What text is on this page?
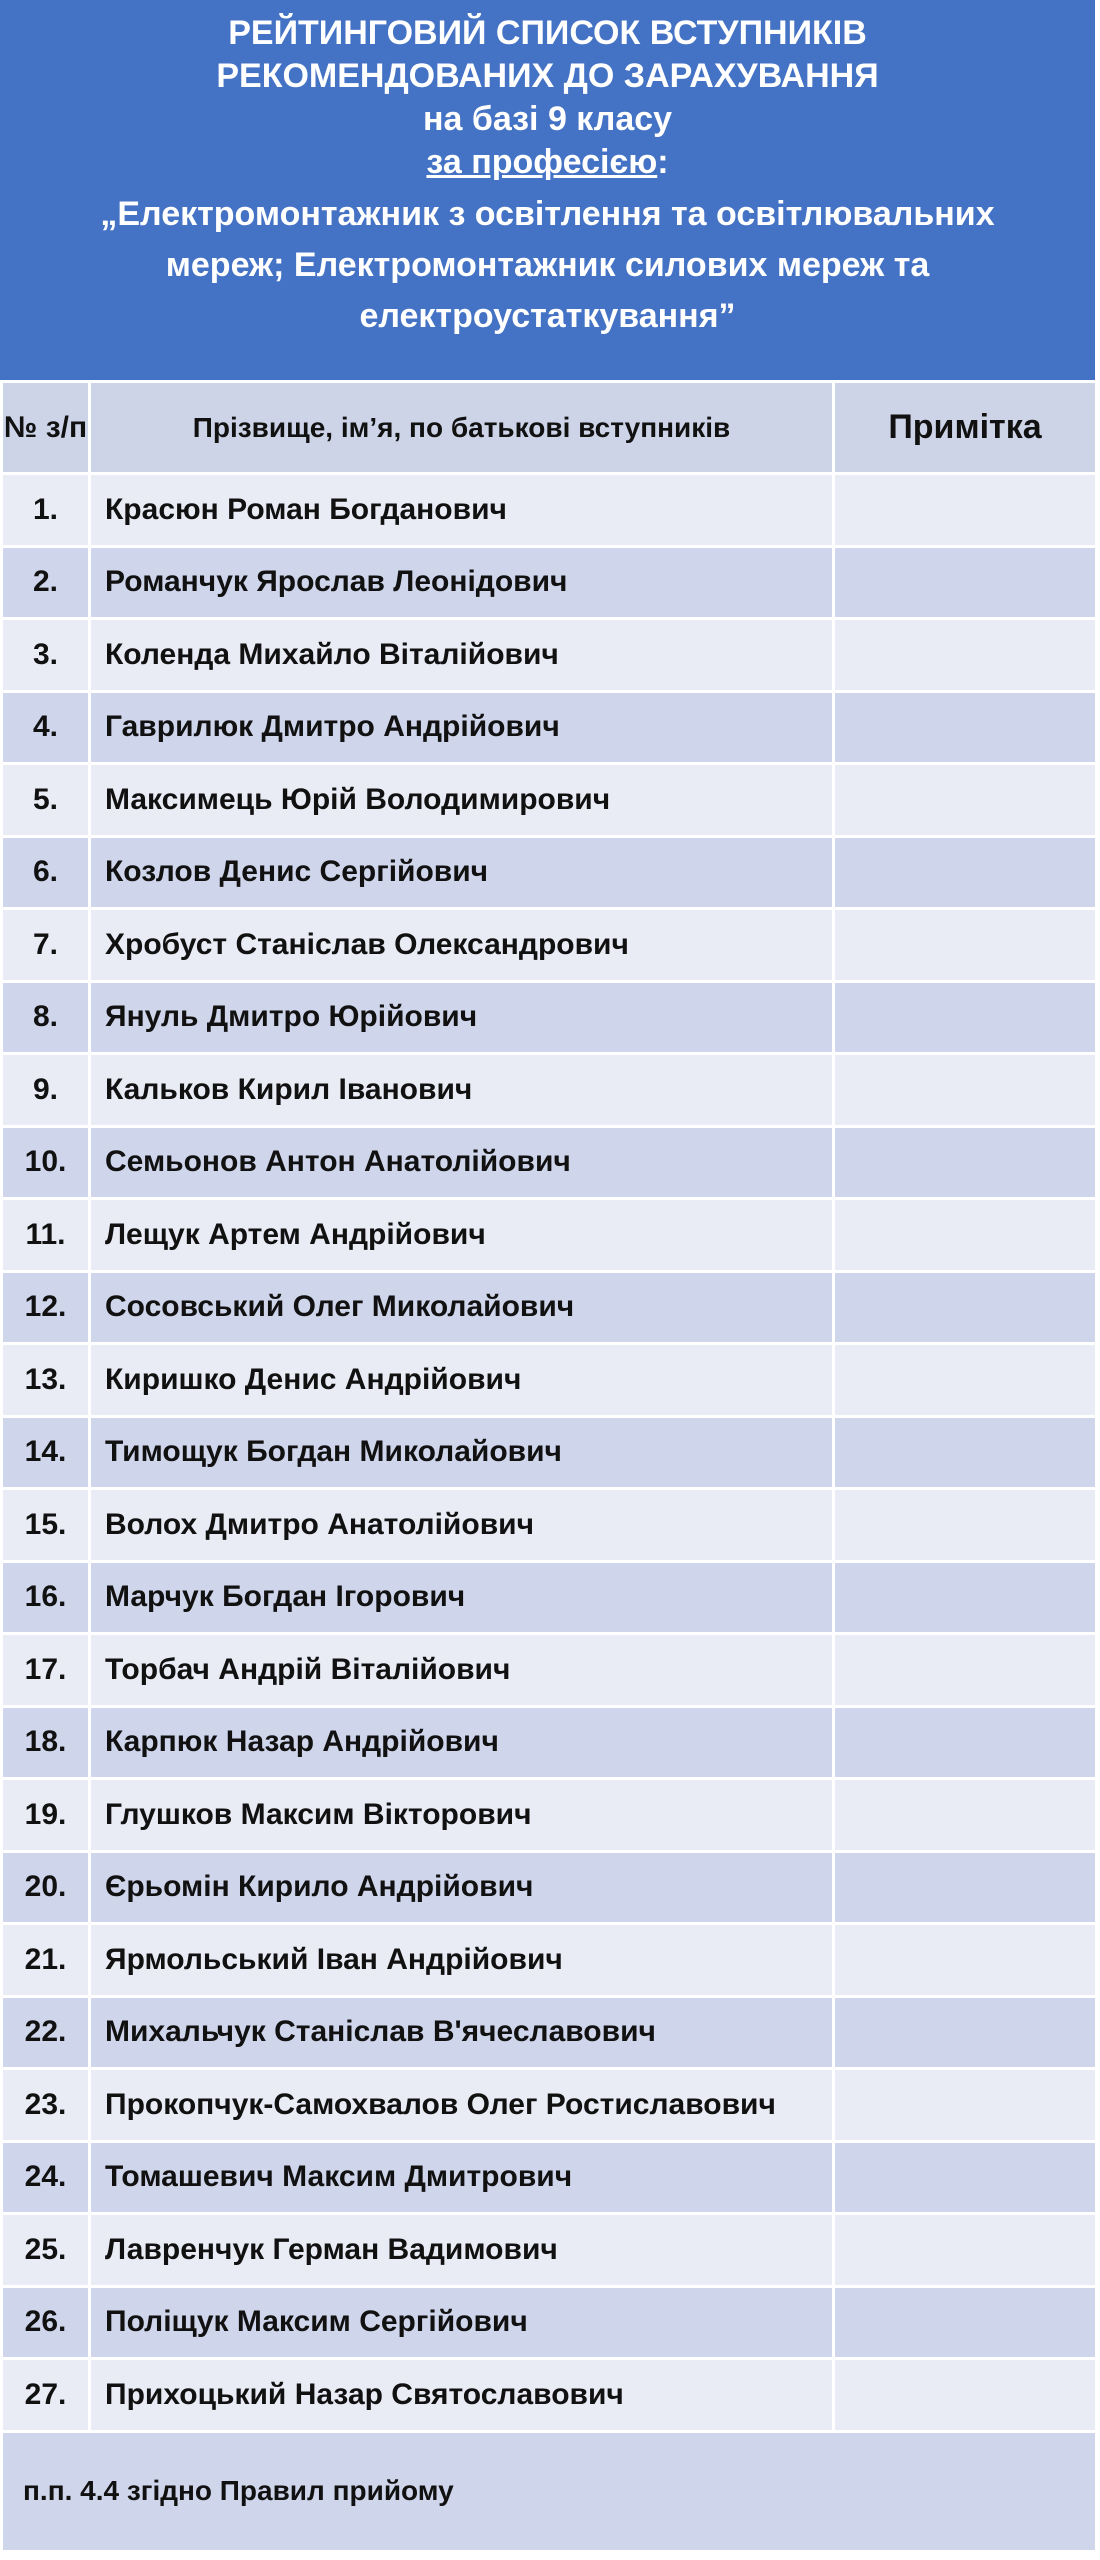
РЕЙТИНГОВИЙ СПИСОК ВСТУПНИКІВ
РЕКОМЕНДОВАНИХ ДО ЗАРАХУВАННЯ
на базі 9 класу
за професією:
„Електромонтажник з освітлення та освітлювальних
мереж; Електромонтажник силових мереж та
електроустаткування”
№ з/п	Прізвище, ім’я, по батькові вступників	Примітка
1.	Красюн Роман Богданович	
2.	Романчук Ярослав Леонідович	
3.	Коленда Михайло Віталійович	
4.	Гаврилюк Дмитро Андрійович	
5.	Максимець Юрій Володимирович	
6.	Козлов Денис Сергійович	
7.	Хробуст Станіслав Олександрович	
8.	Януль Дмитро Юрійович	
9.	Кальков Кирил Іванович	
10.	Семьонов Антон Анатолійович	
11.	Лещук Артем Андрійович	
12.	Сосовський Олег Миколайович	
13.	Киришко Денис Андрійович	
14.	Тимощук Богдан Миколайович	
15.	Волох Дмитро Анатолійович	
16.	Марчук Богдан Ігорович	
17.	Торбач Андрій Віталійович	
18.	Карпюк Назар Андрійович	
19.	Глушков Максим Вікторович	
20.	Єрьомін Кирило Андрійович	
21.	Ярмольський Іван Андрійович	
22.	Михальчук Станіслав В'ячеславович	
23.	Прокопчук-Самохвалов Олег Ростиславович	
24.	Томашевич Максим Дмитрович	
25.	Лавренчук Герман Вадимович	
26.	Поліщук Максим Сергійович	
27.	Прихоцький Назар Святославович	
п.п. 4.4 згідно Правил прийому		
